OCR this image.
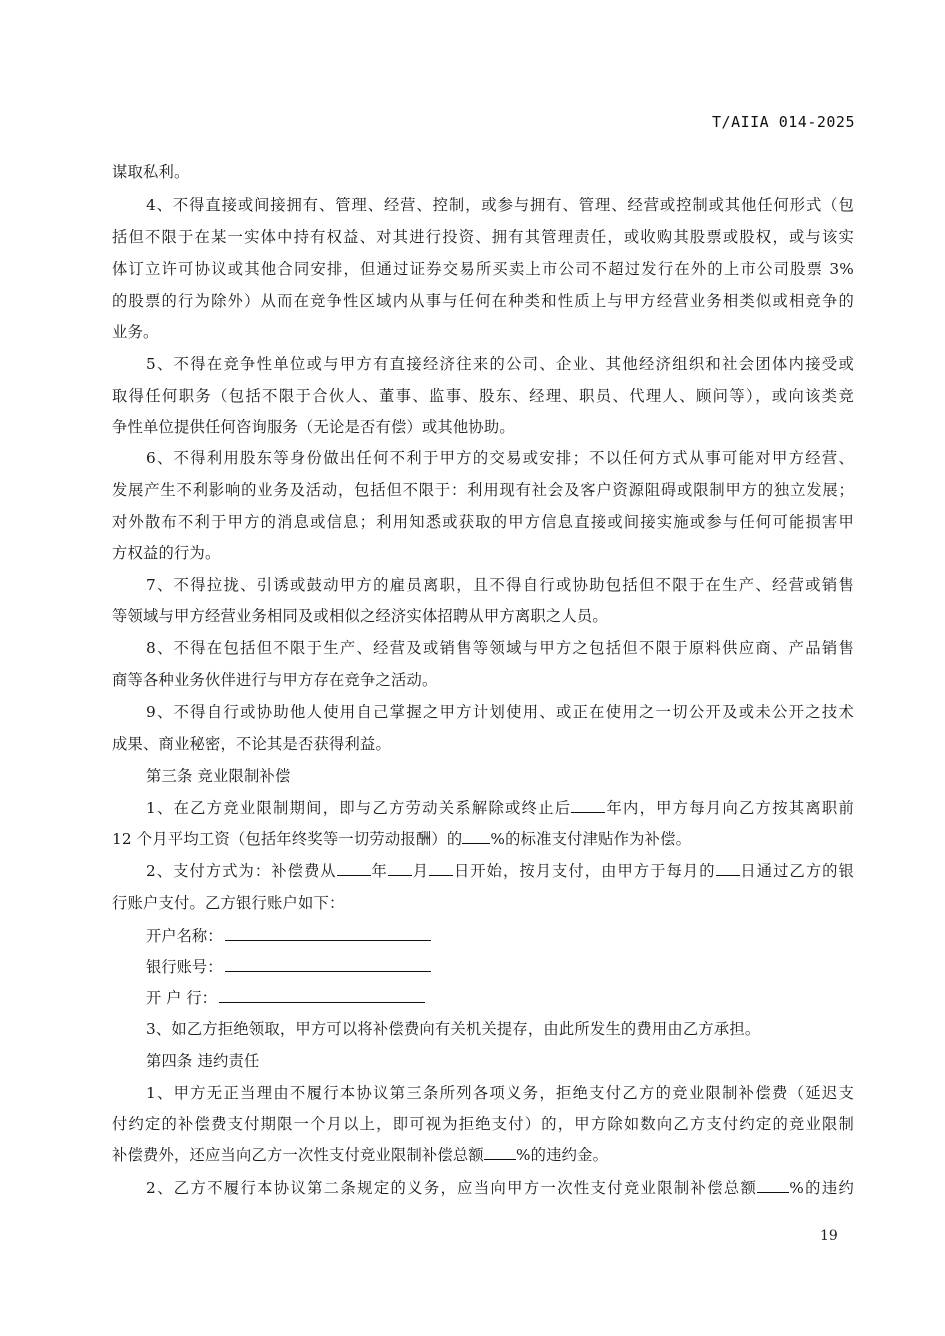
T/AIIA 014-2025
谋取私利。
4、不得直接或间接拥有、管理、经营、控制，或参与拥有、管理、经营或控制或其他任何形式（包
括但不限于在某一实体中持有权益、对其进行投资、拥有其管理责任，或收购其股票或股权，或与该实
体订立许可协议或其他合同安排，但通过证券交易所买卖上市公司不超过发行在外的上市公司股票 3%
的股票的行为除外）从而在竞争性区域内从事与任何在种类和性质上与甲方经营业务相类似或相竞争的
业务。
5、不得在竞争性单位或与甲方有直接经济往来的公司、企业、其他经济组织和社会团体内接受或
取得任何职务（包括不限于合伙人、董事、监事、股东、经理、职员、代理人、顾问等），或向该类竞
争性单位提供任何咨询服务（无论是否有偿）或其他协助。
6、不得利用股东等身份做出任何不利于甲方的交易或安排；不以任何方式从事可能对甲方经营、
发展产生不利影响的业务及活动，包括但不限于：利用现有社会及客户资源阻碍或限制甲方的独立发展；
对外散布不利于甲方的消息或信息；利用知悉或获取的甲方信息直接或间接实施或参与任何可能损害甲
方权益的行为。
7、不得拉拢、引诱或鼓动甲方的雇员离职，且不得自行或协助包括但不限于在生产、经营或销售
等领域与甲方经营业务相同及或相似之经济实体招聘从甲方离职之人员。
8、不得在包括但不限于生产、经营及或销售等领域与甲方之包括但不限于原料供应商、产品销售
商等各种业务伙伴进行与甲方存在竞争之活动。
9、不得自行或协助他人使用自己掌握之甲方计划使用、或正在使用之一切公开及或未公开之技术
成果、商业秘密，不论其是否获得利益。
第三条 竞业限制补偿
1、在乙方竞业限制期间，即与乙方劳动关系解除或终止后 年内，甲方每月向乙方按其离职前
12 个月平均工资（包括年终奖等一切劳动报酬）的 %的标准支付津贴作为补偿。
2、支付方式为：补偿费从 年 月 日开始，按月支付，由甲方于每月的 日通过乙方的银
行账户支付。乙方银行账户如下：
开户名称：
银行账号：
开 户 行：
3、如乙方拒绝领取，甲方可以将补偿费向有关机关提存，由此所发生的费用由乙方承担。
第四条 违约责任
1、甲方无正当理由不履行本协议第三条所列各项义务，拒绝支付乙方的竞业限制补偿费（延迟支
付约定的补偿费支付期限一个月以上，即可视为拒绝支付）的，甲方除如数向乙方支付约定的竞业限制
补偿费外，还应当向乙方一次性支付竞业限制补偿总额 %的违约金。
2、乙方不履行本协议第二条规定的义务，应当向甲方一次性支付竞业限制补偿总额 %的违约
19
